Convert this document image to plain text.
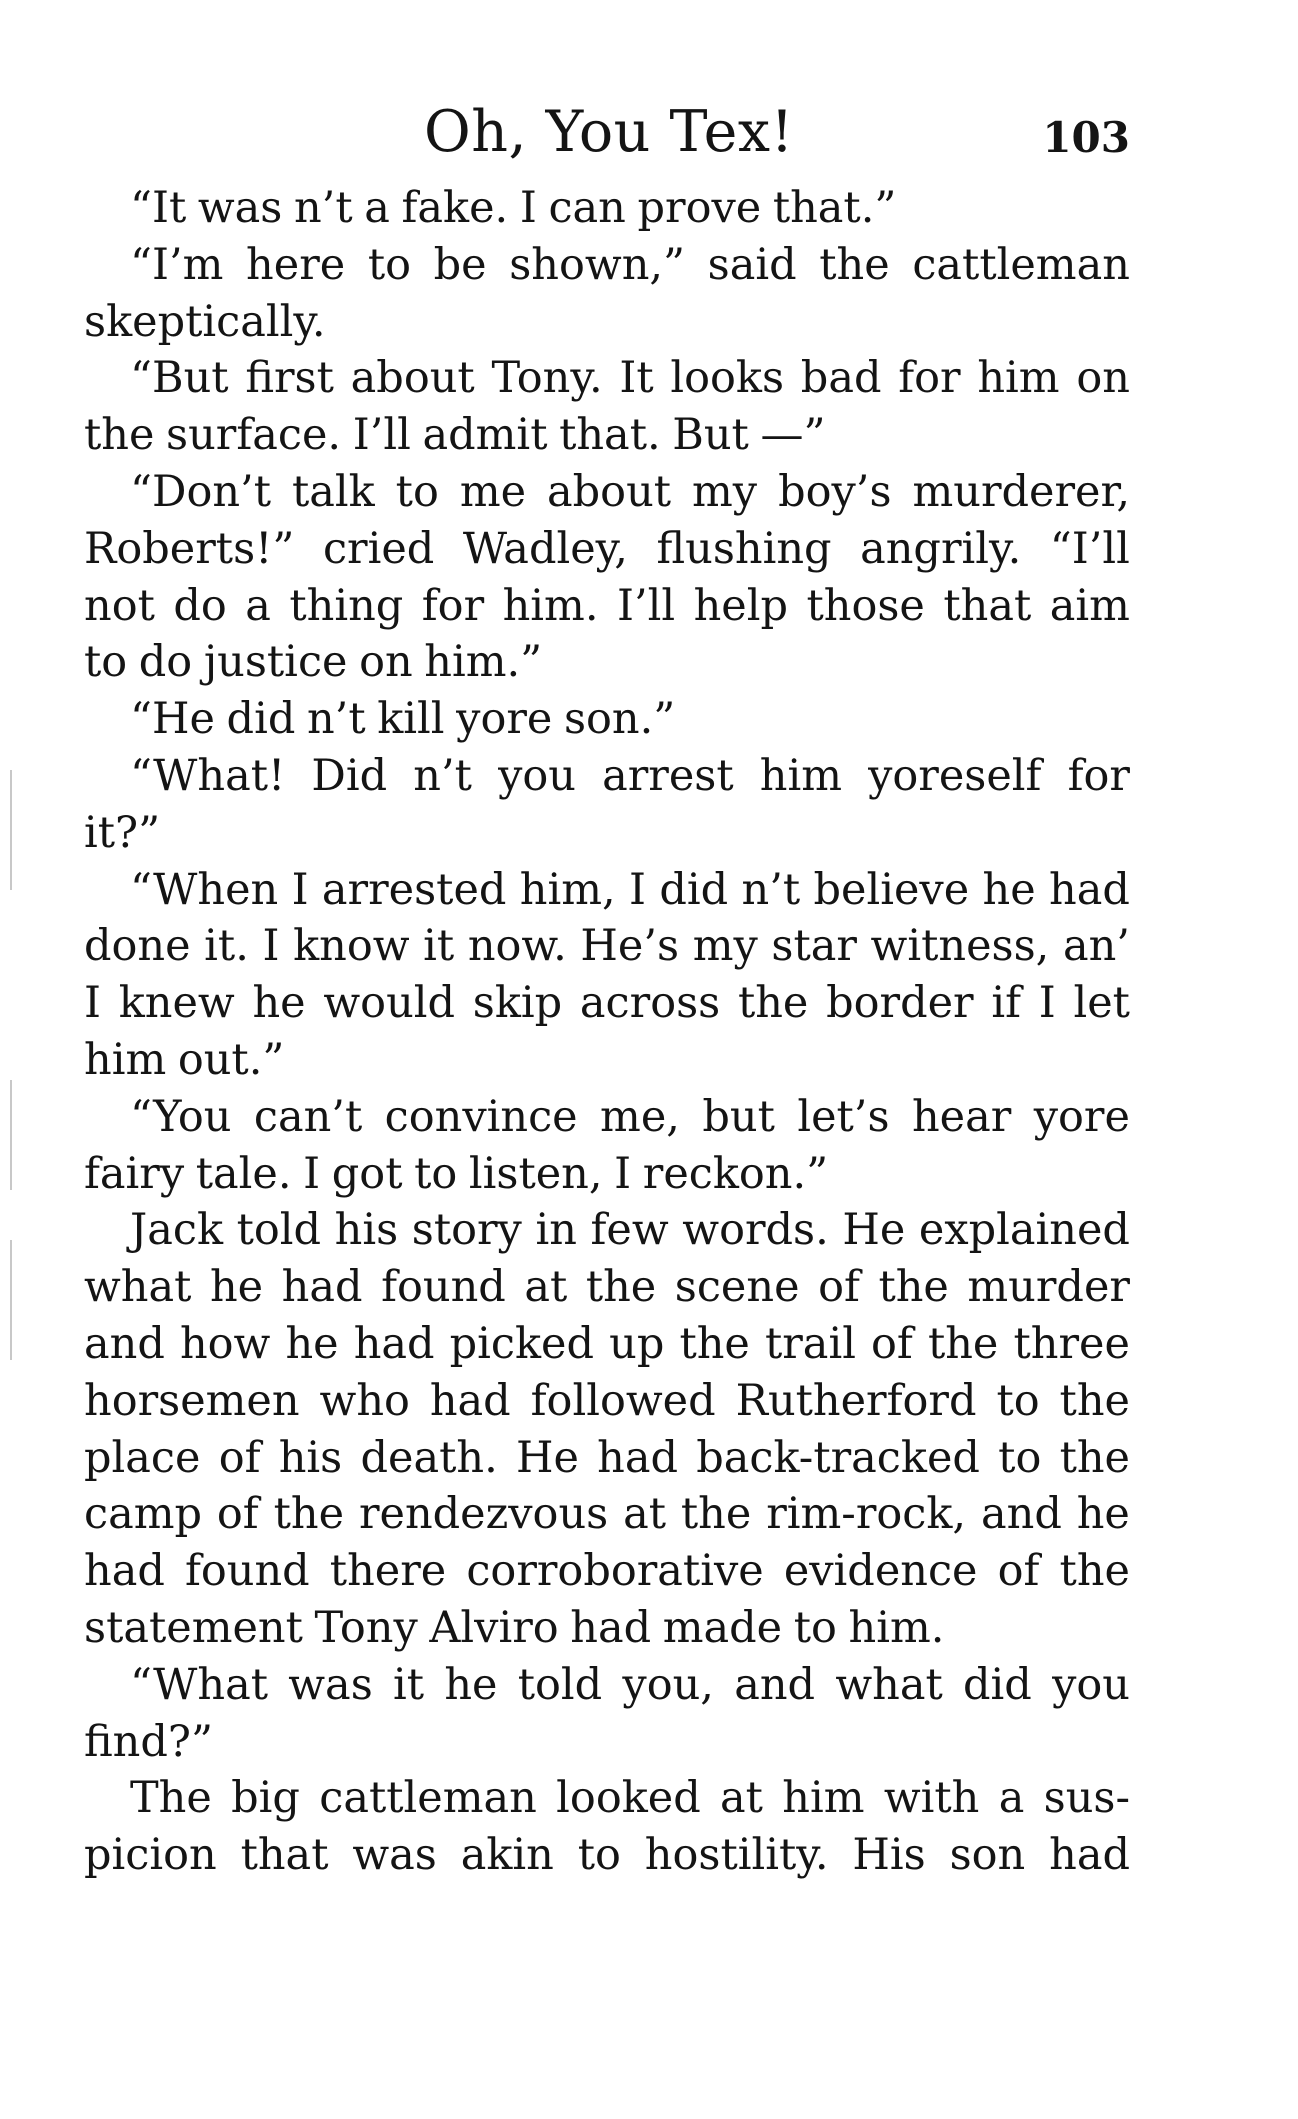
Oh, You Tex!	103
“It was n’t a fake. I can prove that.”
“I’m here to be shown,” said the cattleman
skeptically.
“But first about Tony. It looks bad for him on
the surface. I’ll admit that. But —”
“Don’t talk to me about my boy’s murderer,
Roberts!” cried Wadley, flushing angrily. “I’ll
not do a thing for him. I’ll help those that aim
to do justice on him.”
“He did n’t kill yore son.”
“What! Did n’t you arrest him yoreself for
it?”
“When I arrested him, I did n’t believe he had
done it. I know it now. He’s my star witness, an’
I knew he would skip across the border if I let
him out.”
“You can’t convince me, but let’s hear yore
fairy tale. I got to listen, I reckon.”
Jack told his story in few words. He explained
what he had found at the scene of the murder
and how he had picked up the trail of the three
horsemen who had followed Rutherford to the
place of his death. He had back-tracked to the
camp of the rendezvous at the rim-rock, and he
had found there corroborative evidence of the
statement Tony Alviro had made to him.
“What was it he told you, and what did you
find?”
The big cattleman looked at him with a sus-
picion that was akin to hostility. His son had
